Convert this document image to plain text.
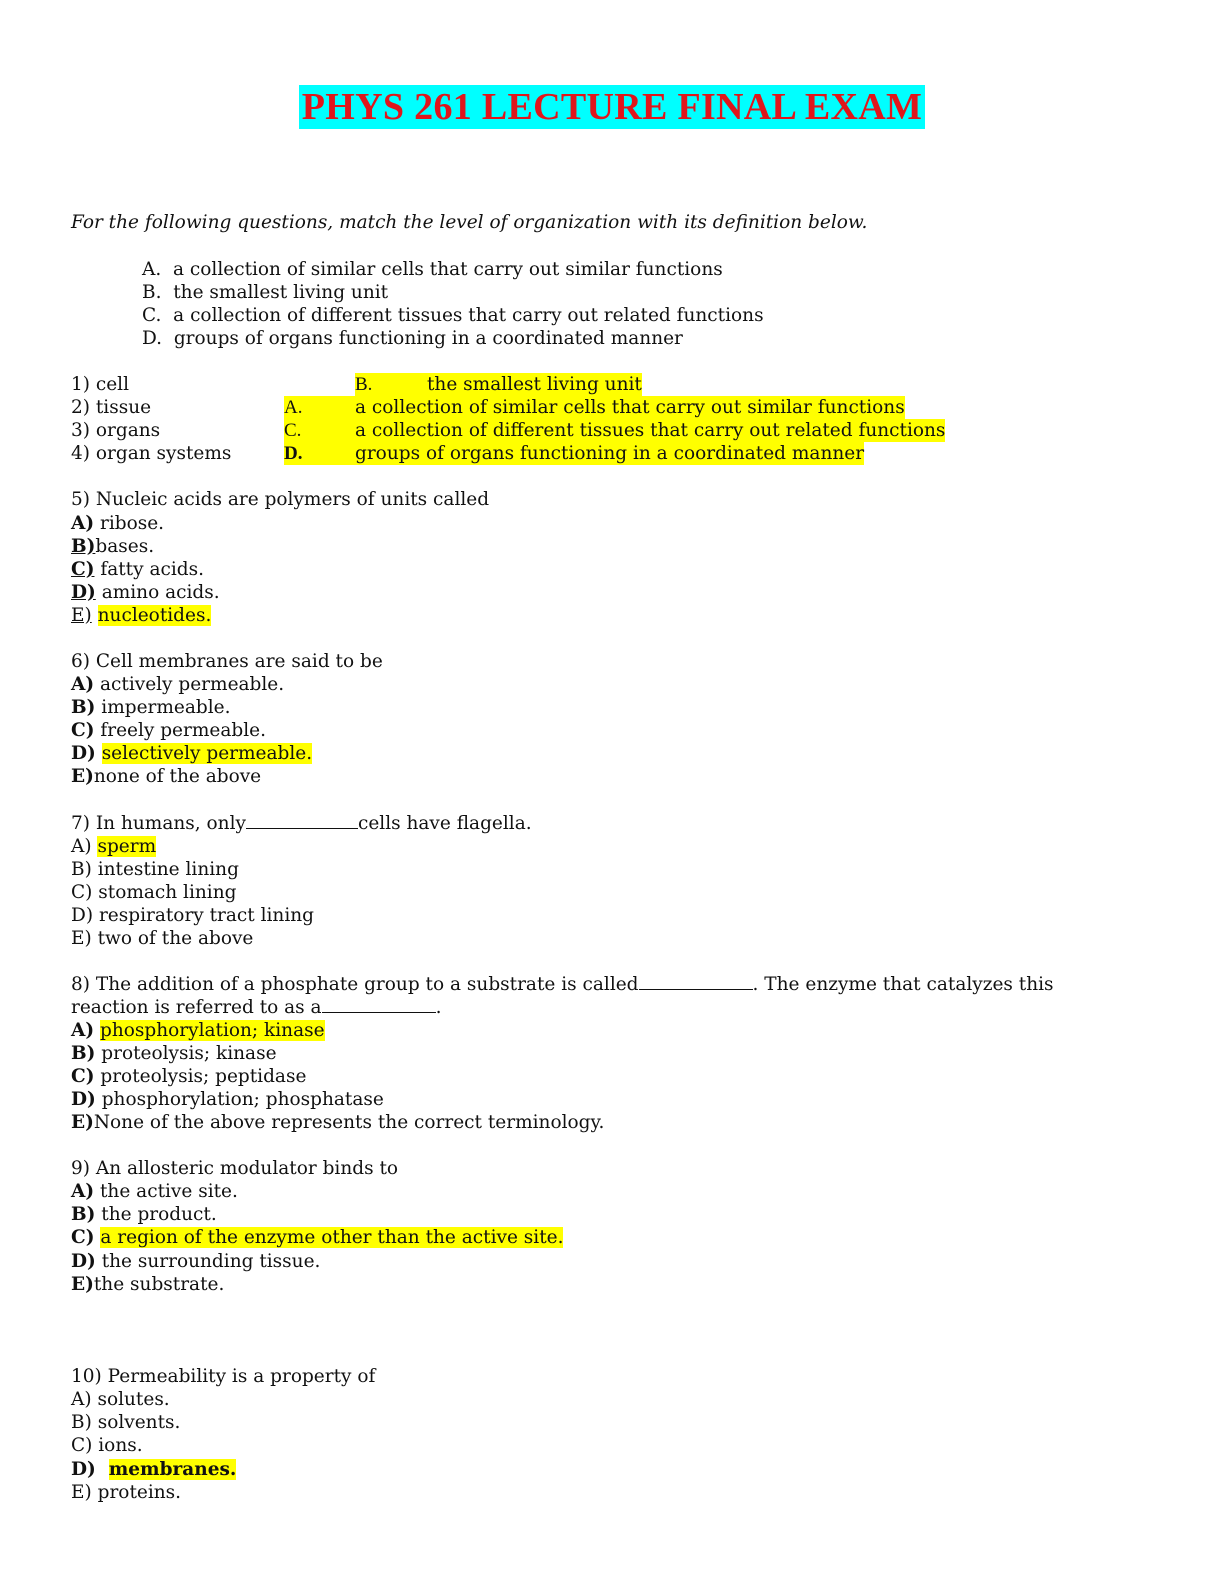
PHYS 261 LECTURE FINAL EXAM
For the following questions, match the level of organization with its definition below.
A. a collection of similar cells that carry out similar functions
B. the smallest living unit
C. a collection of different tissues that carry out related functions
D. groups of organs functioning in a coordinated manner
1) cell	B.	the smallest living unit
2) tissue	A.	a collection of similar cells that carry out similar functions
3) organs	C.	a collection of different tissues that carry out related functions
4) organ systems	D.	groups of organs functioning in a coordinated manner
5) Nucleic acids are polymers of units called
A) ribose.
B)bases.
C) fatty acids.
D) amino acids.
E) nucleotides.
6) Cell membranes are said to be
A) actively permeable.
B) impermeable.
C) freely permeable.
D) selectively permeable.
E)none of the above
7) In humans, only	cells have flagella.
A) sperm
B) intestine lining
C) stomach lining
D) respiratory tract lining
E) two of the above
8) The addition of a phosphate group to a substrate is called	. The enzyme that catalyzes this
reaction is referred to as a	.
A) phosphorylation; kinase
B) proteolysis; kinase
C) proteolysis; peptidase
D) phosphorylation; phosphatase
E)None of the above represents the correct terminology.
9) An allosteric modulator binds to
A) the active site.
B) the product.
C) a region of the enzyme other than the active site.
D) the surrounding tissue.
E)the substrate.
10) Permeability is a property of
A) solutes.
B) solvents.
C) ions.
D) membranes.
E) proteins.
